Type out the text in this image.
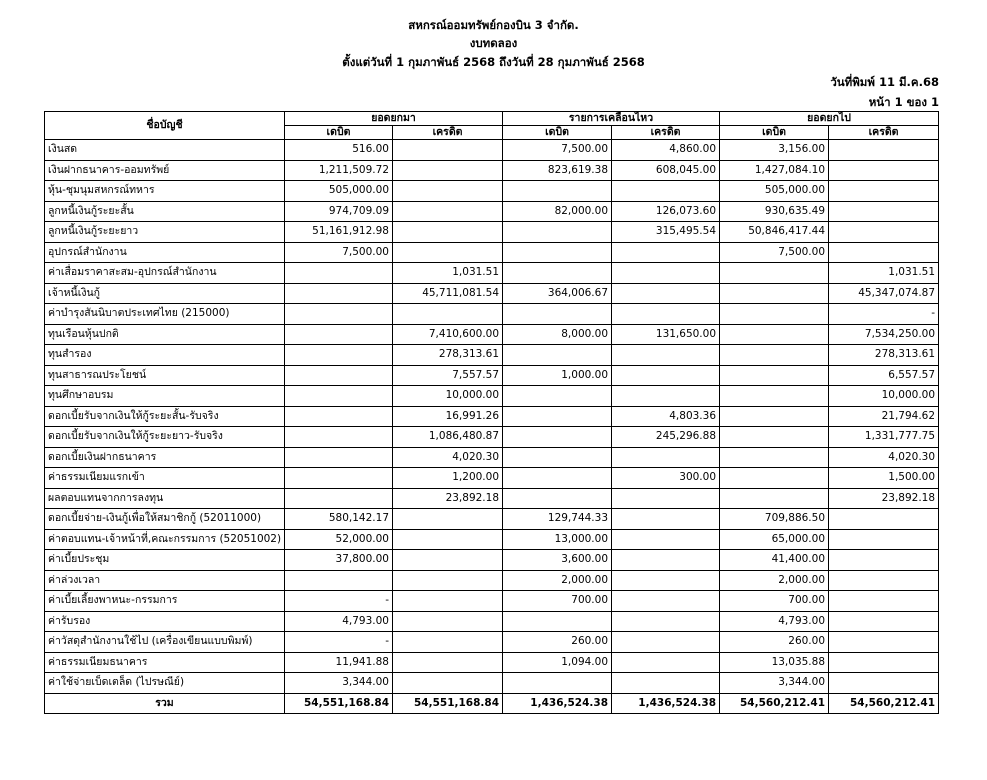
สหกรณ์ออมทรัพย์กองบิน 3 จำกัด.
งบทดลอง
ตั้งแต่วันที่ 1 กุมภาพันธ์ 2568 ถึงวันที่ 28 กุมภาพันธ์ 2568
วันที่พิมพ์ 11 มี.ค.68
หน้า 1 ของ 1
ชื่อบัญชี	ยอดยกมา		รายการเคลื่อนไหว		ยอดยกไป	
	เดบิต	เครดิต	เดบิต	เครดิต	เดบิต	เครดิต
เงินสด	516.00		7,500.00	4,860.00	3,156.00	
เงินฝากธนาคาร-ออมทรัพย์	1,211,509.72		823,619.38	608,045.00	1,427,084.10	
หุ้น-ชุมนุมสหกรณ์ทหาร	505,000.00				505,000.00	
ลูกหนี้เงินกู้ระยะสั้น	974,709.09		82,000.00	126,073.60	930,635.49	
ลูกหนี้เงินกู้ระยะยาว	51,161,912.98			315,495.54	50,846,417.44	
อุปกรณ์สำนักงาน	7,500.00				7,500.00	
ค่าเสื่อมราคาสะสม-อุปกรณ์สำนักงาน		1,031.51				1,031.51
เจ้าหนี้เงินกู้		45,711,081.54	364,006.67			45,347,074.87
ค่าบำรุงสันนิบาตประเทศไทย (215000)						-
ทุนเรือนหุ้นปกติ		7,410,600.00	8,000.00	131,650.00		7,534,250.00
ทุนสำรอง		278,313.61				278,313.61
ทุนสาธารณประโยชน์		7,557.57	1,000.00			6,557.57
ทุนศึกษาอบรม		10,000.00				10,000.00
ดอกเบี้ยรับจากเงินให้กู้ระยะสั้น-รับจริง		16,991.26		4,803.36		21,794.62
ดอกเบี้ยรับจากเงินให้กู้ระยะยาว-รับจริง		1,086,480.87		245,296.88		1,331,777.75
ดอกเบี้ยเงินฝากธนาคาร		4,020.30				4,020.30
ค่าธรรมเนียมแรกเข้า		1,200.00		300.00		1,500.00
ผลตอบแทนจากการลงทุน		23,892.18				23,892.18
ดอกเบี้ยจ่าย-เงินกู้เพื่อให้สมาชิกกู้ (52011000)	580,142.17		129,744.33		709,886.50	
ค่าตอบแทน-เจ้าหน้าที่,คณะกรรมการ (52051002)	52,000.00		13,000.00		65,000.00	
ค่าเบี้ยประชุม	37,800.00		3,600.00		41,400.00	
ค่าล่วงเวลา			2,000.00		2,000.00	
ค่าเบี้ยเลี้ยงพาหนะ-กรรมการ	-		700.00		700.00	
ค่ารับรอง	4,793.00				4,793.00	
ค่าวัสดุสำนักงานใช้ไป (เครื่องเขียนแบบพิมพ์)	-		260.00		260.00	
ค่าธรรมเนียมธนาคาร	11,941.88		1,094.00		13,035.88	
ค่าใช้จ่ายเบ็ดเตล็ด (ไปรษณีย์)	3,344.00				3,344.00	
รวม	54,551,168.84	54,551,168.84	1,436,524.38	1,436,524.38	54,560,212.41	54,560,212.41
